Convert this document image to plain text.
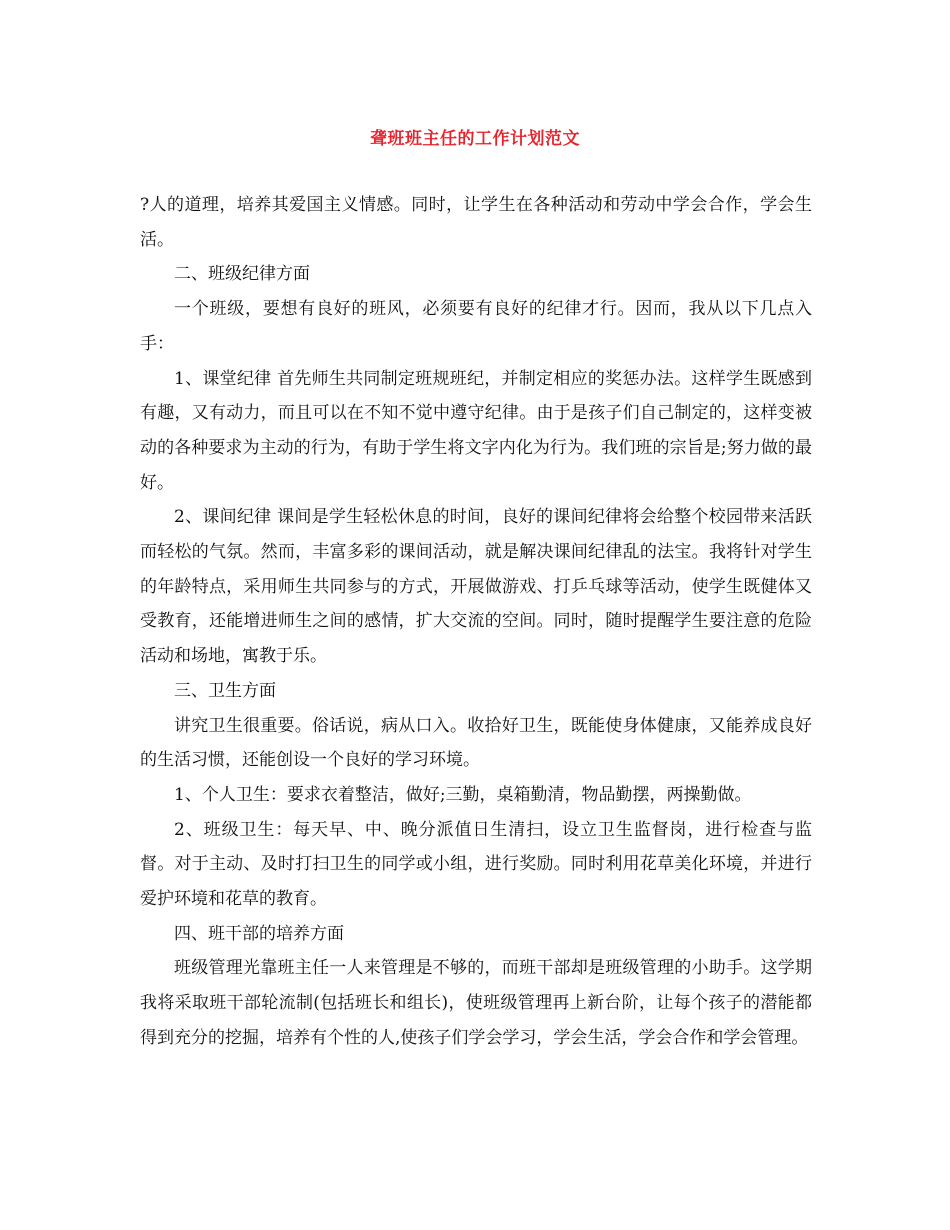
聋班班主任的工作计划范文

?人的道理，培养其爱国主义情感。同时，让学生在各种活动和劳动中学会合作，学会生活。

二、班级纪律方面

一个班级，要想有良好的班风，必须要有良好的纪律才行。因而，我从以下几点入手：

1、课堂纪律 首先师生共同制定班规班纪，并制定相应的奖惩办法。这样学生既感到有趣，又有动力，而且可以在不知不觉中遵守纪律。由于是孩子们自己制定的，这样变被动的各种要求为主动的行为，有助于学生将文字内化为行为。我们班的宗旨是;努力做的最好。

2、课间纪律 课间是学生轻松休息的时间，良好的课间纪律将会给整个校园带来活跃而轻松的气氛。然而，丰富多彩的课间活动，就是解决课间纪律乱的法宝。我将针对学生的年龄特点，采用师生共同参与的方式，开展做游戏、打乒乓球等活动，使学生既健体又受教育，还能增进师生之间的感情，扩大交流的空间。同时，随时提醒学生要注意的危险活动和场地，寓教于乐。

三、卫生方面

讲究卫生很重要。俗话说，病从口入。收拾好卫生，既能使身体健康，又能养成良好的生活习惯，还能创设一个良好的学习环境。

1、个人卫生：要求衣着整洁，做好;三勤，桌箱勤清，物品勤摆，两操勤做。

2、班级卫生：每天早、中、晚分派值日生清扫，设立卫生监督岗，进行检查与监督。对于主动、及时打扫卫生的同学或小组，进行奖励。同时利用花草美化环境，并进行爱护环境和花草的教育。

四、班干部的培养方面

班级管理光靠班主任一人来管理是不够的，而班干部却是班级管理的小助手。这学期我将采取班干部轮流制(包括班长和组长)，使班级管理再上新台阶，让每个孩子的潜能都得到充分的挖掘，培养有个性的人,使孩子们学会学习，学会生活，学会合作和学会管理。
